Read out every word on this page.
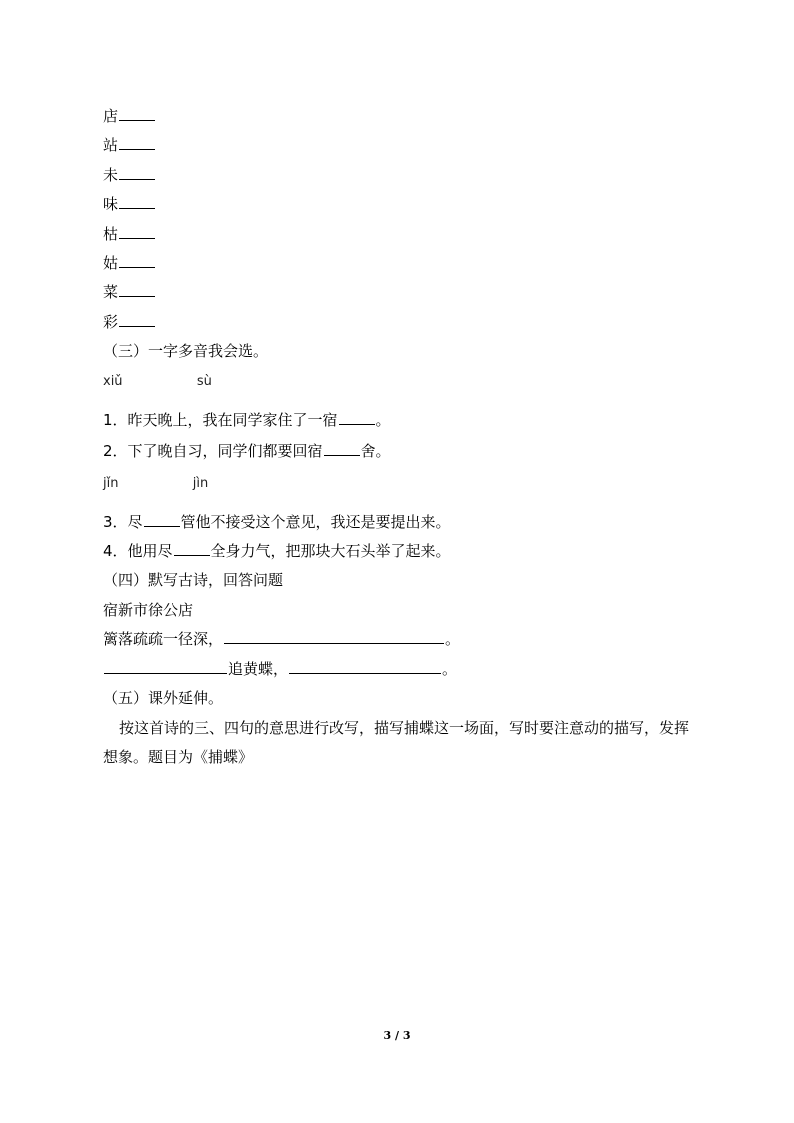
店
站
未
味
枯
姑
菜
彩
（三）一字多音我会选。
xiǔ	sù
1．昨天晚上，我在同学家住了一宿	。
2．下了晚自习，同学们都要回宿	舍。
jǐn	jìn
3．尽	管他不接受这个意见，我还是要提出来。
4．他用尽	全身力气，把那块大石头举了起来。
（四）默写古诗，回答问题
宿新市徐公店
篱落疏疏一径深，	。
追黄蝶，	。
（五）课外延伸。
按这首诗的三、四句的意思进行改写，描写捕蝶这一场面，写时要注意动的描写，发挥
想象。题目为《捕蝶》
3 / 3
